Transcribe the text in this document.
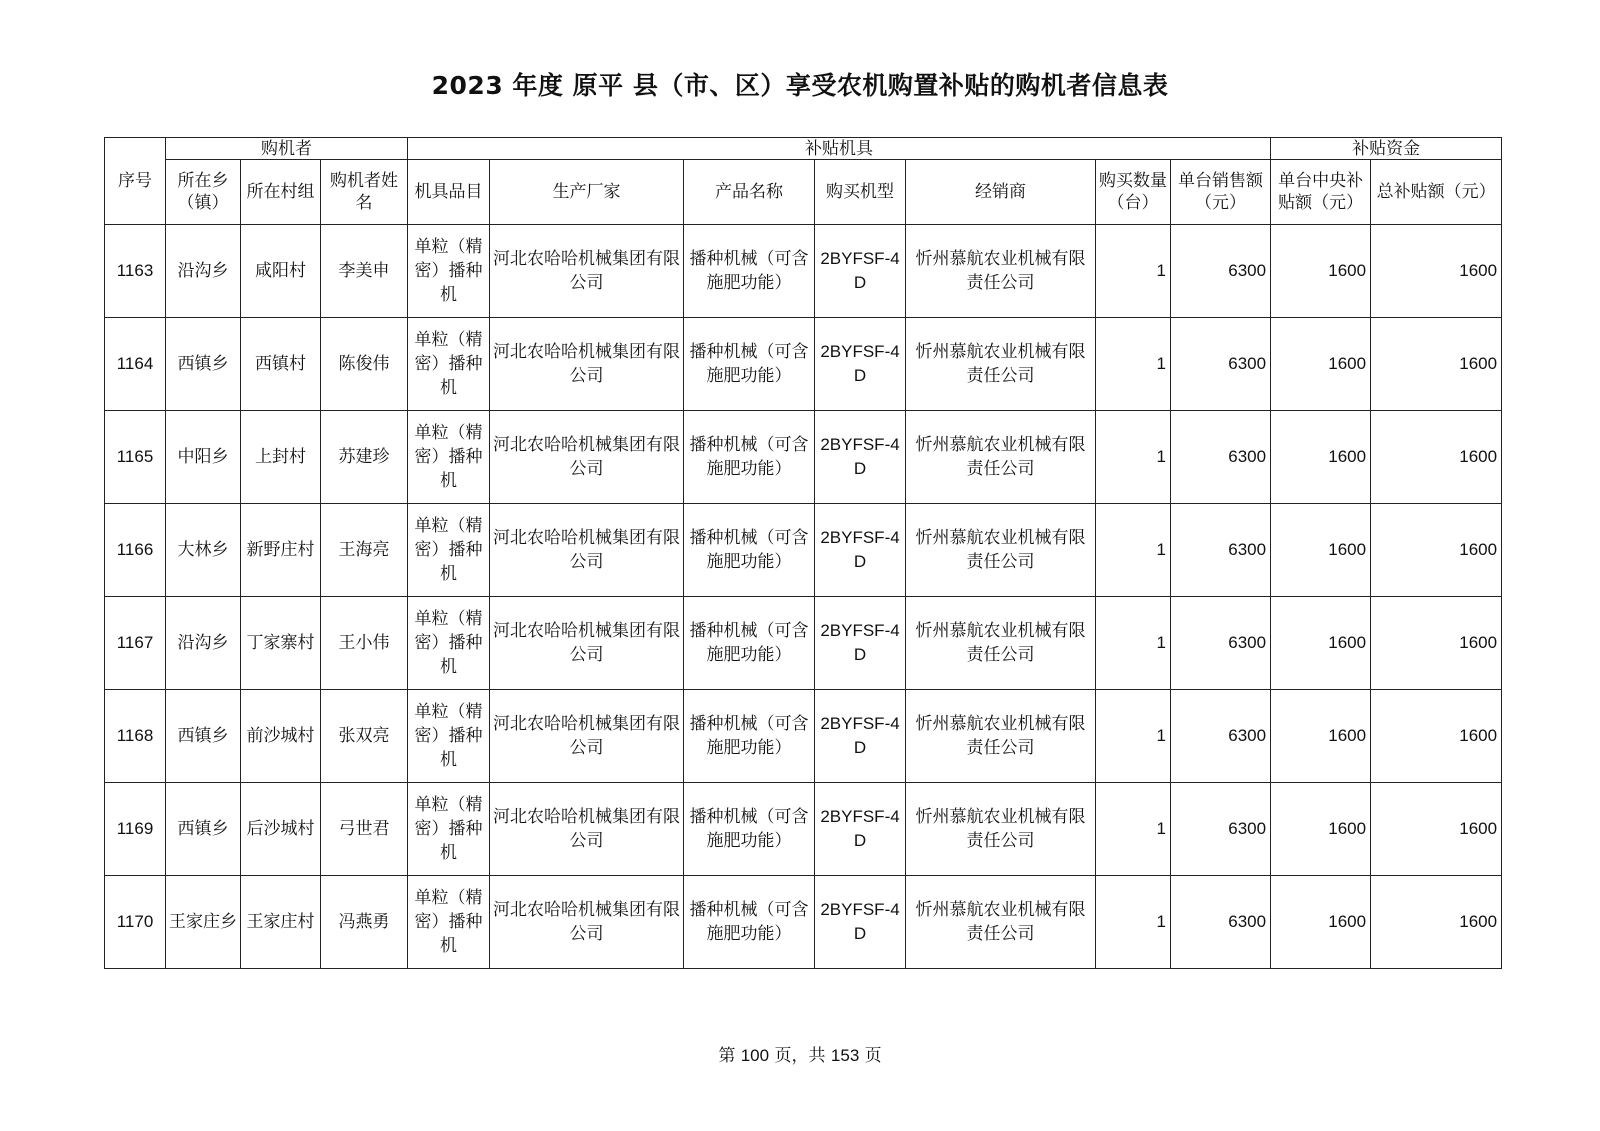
2023 年度 原平 县（市、区）享受农机购置补贴的购机者信息表
序号	购机者			补贴机具							补贴资金	
	所在乡（镇）	所在村组	购机者姓名	机具品目	生产厂家	产品名称	购买机型	经销商	购买数量（台）	单台销售额（元）	单台中央补贴额（元）	总补贴额（元）
1163	沿沟乡	咸阳村	李美申	单粒（精密）播种机	河北农哈哈机械集团有限公司	播种机械（可含施肥功能）	2BYFSF-4D	忻州慕航农业机械有限责任公司	1	6300	1600	1600
1164	西镇乡	西镇村	陈俊伟	单粒（精密）播种机	河北农哈哈机械集团有限公司	播种机械（可含施肥功能）	2BYFSF-4D	忻州慕航农业机械有限责任公司	1	6300	1600	1600
1165	中阳乡	上封村	苏建珍	单粒（精密）播种机	河北农哈哈机械集团有限公司	播种机械（可含施肥功能）	2BYFSF-4D	忻州慕航农业机械有限责任公司	1	6300	1600	1600
1166	大林乡	新野庄村	王海亮	单粒（精密）播种机	河北农哈哈机械集团有限公司	播种机械（可含施肥功能）	2BYFSF-4D	忻州慕航农业机械有限责任公司	1	6300	1600	1600
1167	沿沟乡	丁家寨村	王小伟	单粒（精密）播种机	河北农哈哈机械集团有限公司	播种机械（可含施肥功能）	2BYFSF-4D	忻州慕航农业机械有限责任公司	1	6300	1600	1600
1168	西镇乡	前沙城村	张双亮	单粒（精密）播种机	河北农哈哈机械集团有限公司	播种机械（可含施肥功能）	2BYFSF-4D	忻州慕航农业机械有限责任公司	1	6300	1600	1600
1169	西镇乡	后沙城村	弓世君	单粒（精密）播种机	河北农哈哈机械集团有限公司	播种机械（可含施肥功能）	2BYFSF-4D	忻州慕航农业机械有限责任公司	1	6300	1600	1600
1170	王家庄乡	王家庄村	冯燕勇	单粒（精密）播种机	河北农哈哈机械集团有限公司	播种机械（可含施肥功能）	2BYFSF-4D	忻州慕航农业机械有限责任公司	1	6300	1600	1600
第 100 页，共 153 页
